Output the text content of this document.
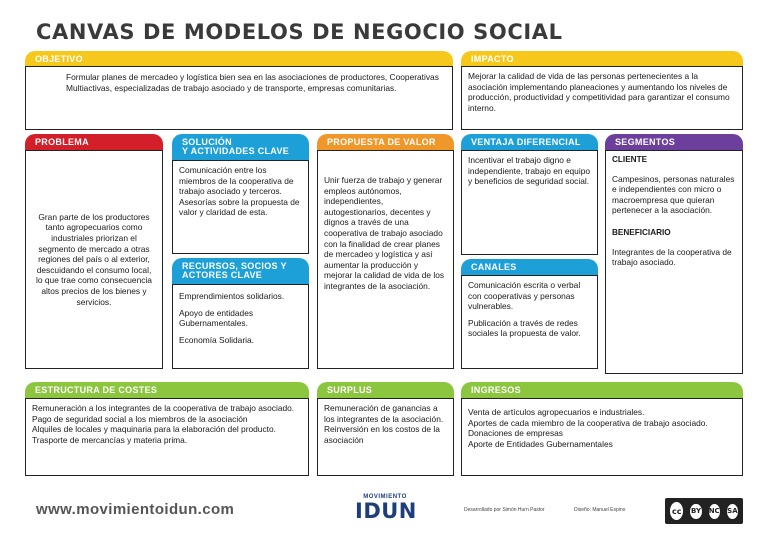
CANVAS DE MODELOS DE NEGOCIO SOCIAL
OBJETIVO
Formular planes de mercadeo y logística bien sea en las asociaciones de productores, Cooperativas Multiactivas, especializadas de trabajo asociado y de transporte, empresas comunitarias.
IMPACTO
Mejorar la calidad de vida de las personas pertenecientes a la asociación implementando planeaciones y aumentando los niveles de producción, productividad y competitividad para garantizar el consumo interno.
PROBLEMA
Gran parte de los productores tanto agropecuarios como industriales priorizan el segmento de mercado a otras regiones del país o al exterior, descuidando el consumo local, lo que trae como consecuencia altos precios de los bienes y servicios.
SOLUCIÓN
Y ACTIVIDADES CLAVE

Comunicación entre los miembros de la cooperativa de trabajo asociado y terceros.

Asesorías sobre la propuesta de valor y claridad de esta.

RECURSOS, SOCIOS Y
ACTORES CLAVE

Emprendimientos solidarios.

Apoyo de entidades Gubernamentales.

Economía Solidaria.

PROPUESTA DE VALOR
Unir fuerza de trabajo y generar empleos autónomos, independientes, autogestionarios, decentes y dignos a través de una cooperativa de trabajo asociado con la finalidad de crear planes de mercadeo y logística y así aumentar la producción y mejorar la calidad de vida de los integrantes de la asociación.
VENTAJA DIFERENCIAL
Incentivar el trabajo digno e independiente, trabajo en equipo y beneficios de seguridad social.
CANALES

Comunicación escrita o verbal con cooperativas y personas vulnerables.

Publicación a través de redes sociales la propuesta de valor.

SEGMENTOS
CLIENTE

Campesinos, personas naturales e independientes con micro o macroempresa que quieran pertenecer a la asociación.

BENEFICIARIO

Integrantes de la cooperativa de trabajo asociado.

ESTRUCTURA DE COSTES
Remuneración a los integrantes de la cooperativa de trabajo asociado.
Pago de seguridad social a los miembros de la asociación
Alquiles de locales y maquinaria para la elaboración del producto.
Trasporte de mercancías y materia prima.
SURPLUS
Remuneración de ganancias a los integrantes de la asociación.
Reinversión en los costos de la asociación
INGRESOS
Venta de artículos agropecuarios e industriales.
Aportes de cada miembro de la cooperativa de trabajo asociado.
Donaciones de empresas
Aporte de Entidades Gubernamentales
www.movimientoidun.com
MOVIMIENTO
IDUN	Desarrollado por Simón Hurn Pastor	Diseño: Manuel Espino	cc	BY	NC	SA
